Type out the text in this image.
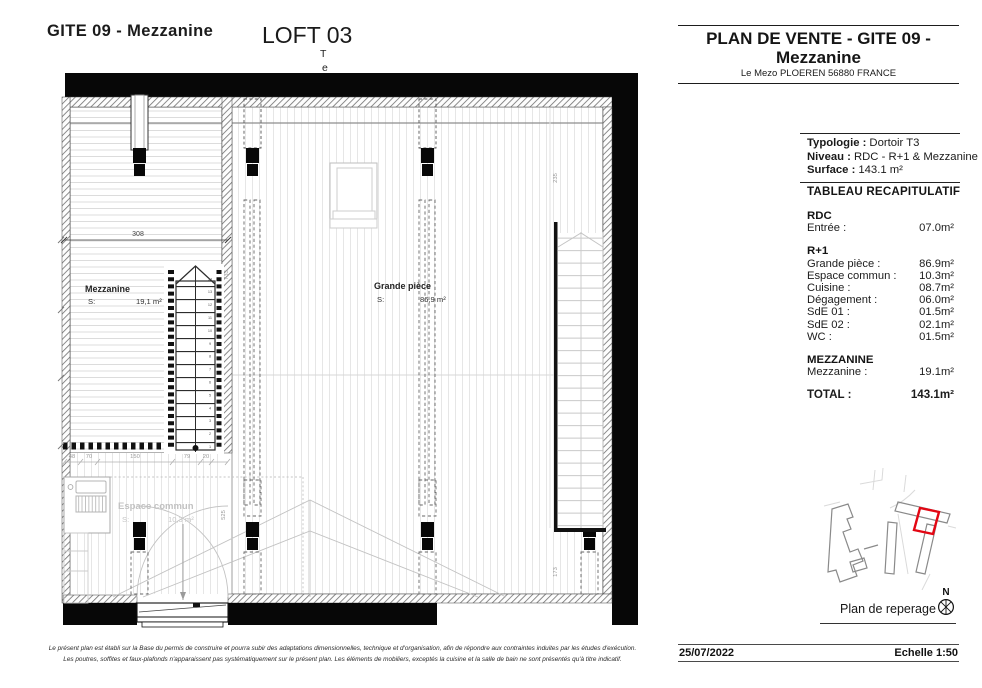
1
2
3
4
5
6
7
8
9
10
11
12
13
14
308
48 70	150	79 20
733
525
235
173
Mezzanine
S:	19,1 m²
Grande pièce
S:	86,9 m²
Espace commun
S:	10,3 m²
GITE 09 - Mezzanine LOFT 03
T
e
PLAN DE VENTE - GITE 09 -
Mezzanine
Le Mezo PLOEREN 56880 FRANCE
Typologie : Dortoir T3
Niveau : RDC - R+1 & Mezzanine
Surface : 143.1 m²
TABLEAU RECAPITULATIF
RDC
Entrée :	07.0m²
R+1
Grande pièce :	86.9m²
Espace commun : 10.3m²
Cuisine :	08.7m²
Dégagement :	06.0m²
SdE 01 :	01.5m²
SdE 02 :	02.1m²
WC :	01.5m²
MEZZANINE
Mezzanine :	19.1m²
TOTAL :	143.1m²
Plan de reperage
N
25/07/2022	Echelle 1:50
Le présent plan est établi sur la Base du permis de construire et pourra subir des adaptations dimensionnelles, technique et d'organisation, afin de répondre aux contraintes induites par les études d'exécution.
Les poutres, soffites et faux-plafonds n'apparaissent pas systématiquement sur le présent plan. Les éléments de mobiliers, exceptés la cuisine et la salle de bain ne sont présentés qu'à titre indicatif.
